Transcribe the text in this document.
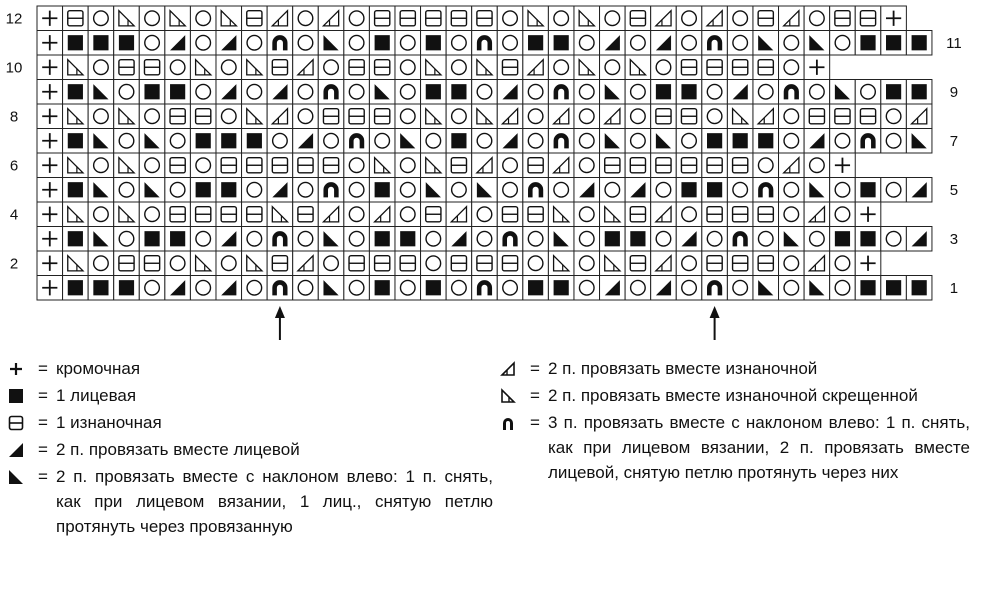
12
10
8
6
4
2
11
9
7
5
3
1
= кромочная
= 1 лицевая
= 1 изнаночная
= 2 п. провязать вместе лицевой
= 2 п. провязать вместе с наклоном влево: 1 п. снять, как при лицевом вязании, 1 лиц., снятую петлю протянуть через провязанную
= 2 п. провязать вместе изнаночной
= 2 п. провязать вместе изнаночной скрещенной
= 3 п. провязать вместе с наклоном влево: 1 п. снять, как при лицевом вязании, 2 п. провязать вместе лицевой, снятую петлю протянуть через них
